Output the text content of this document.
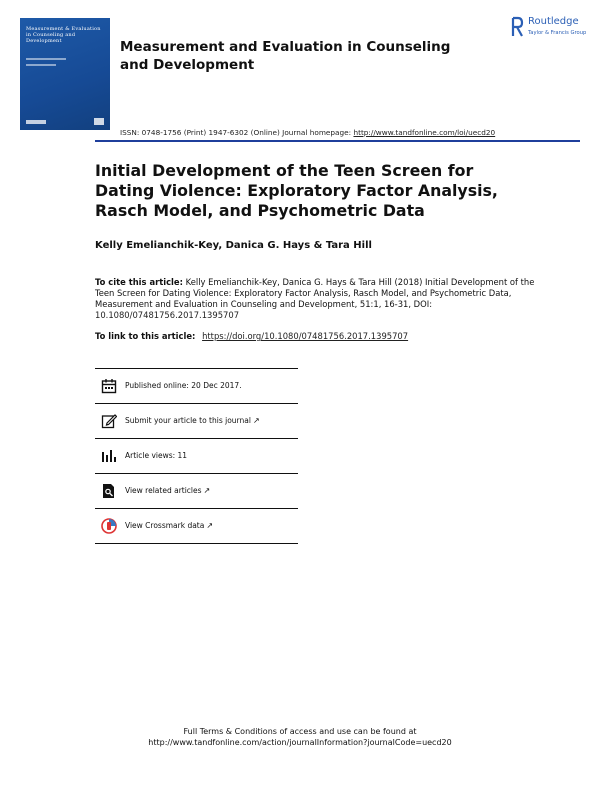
Measurement & Evaluation in Counseling and Development	Measurement and Evaluation in Counseling and Development
Routledge
Taylor & Francis Group
ISSN: 0748-1756 (Print) 1947-6302 (Online) Journal homepage: http://www.tandfonline.com/loi/uecd20
Initial Development of the Teen Screen for Dating Violence: Exploratory Factor Analysis, Rasch Model, and Psychometric Data
Kelly Emelianchik-Key, Danica G. Hays & Tara Hill
To cite this article: Kelly Emelianchik-Key, Danica G. Hays & Tara Hill (2018) Initial Development of the Teen Screen for Dating Violence: Exploratory Factor Analysis, Rasch Model, and Psychometric Data, Measurement and Evaluation in Counseling and Development, 51:1, 16-31, DOI: 10.1080/07481756.2017.1395707
To link to this article: https://doi.org/10.1080/07481756.2017.1395707
Published online: 20 Dec 2017.
Submit your article to this journal ↗
Article views: 11
View related articles ↗
View Crossmark data ↗
Full Terms & Conditions of access and use can be found at
http://www.tandfonline.com/action/journalInformation?journalCode=uecd20
